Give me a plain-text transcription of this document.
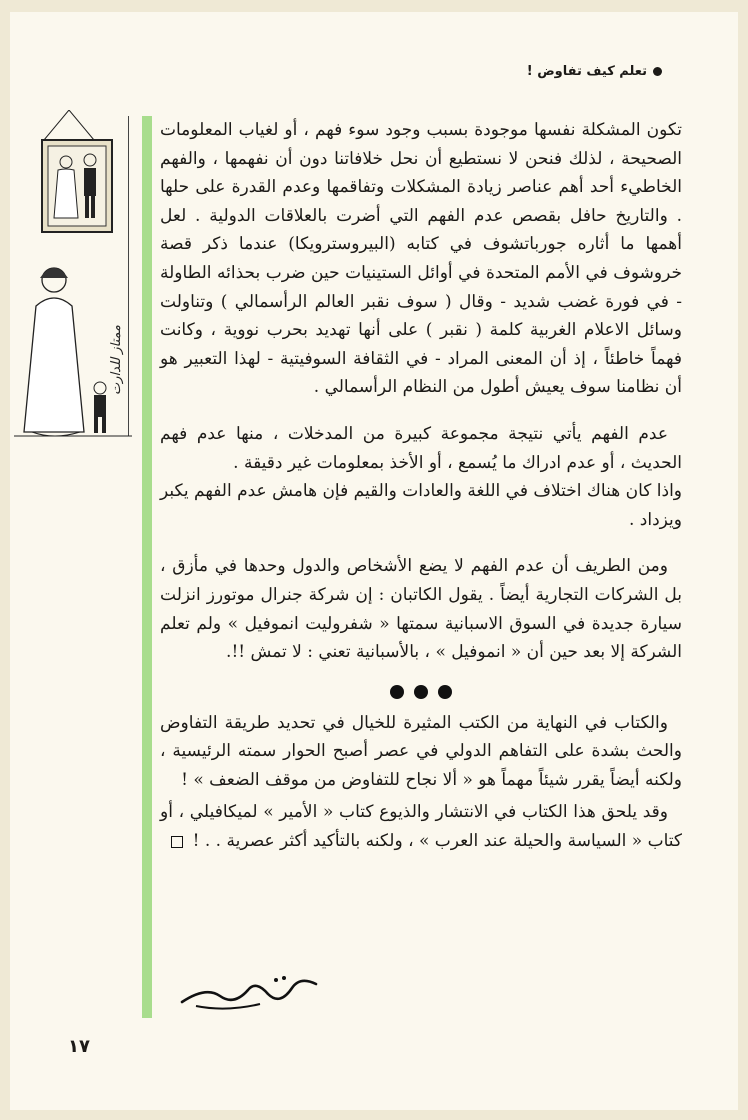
تعلم كيف تفاوض !
ممتاز للدارت

تكون المشكلة نفسها موجودة بسبب وجود سوء فهم ، أو لغياب المعلومات الصحيحة ، لذلك فنحن لا نستطيع أن نحل خلافاتنا دون أن نفهمها ، والفهم الخاطيء أحد أهم عناصر زيادة المشكلات وتفاقمها وعدم القدرة على حلها . والتاريخ حافل بقصص عدم الفهم التي أضرت بالعلاقات الدولية . لعل أهمها ما أثاره جورباتشوف في كتابه (البيروسترويكا) عندما ذكر قصة خروشوف في الأمم المتحدة في أوائل الستينيات حين ضرب بحذائه الطاولة - في فورة غضب شديد - وقال ( سوف نقبر العالم الرأسمالي ) وتناولت وسائل الاعلام الغربية كلمة ( نقبر ) على أنها تهديد بحرب نووية ، وكانت فهماً خاطئاً ، إذ أن المعنى المراد - في الثقافة السوفيتية - لهذا التعبير هو أن نظامنا سوف يعيش أطول من النظام الرأسمالي .

عدم الفهم يأتي نتيجة مجموعة كبيرة من المدخلات ، منها عدم فهم الحديث ، أو عدم ادراك ما يُسمع ، أو الأخذ بمعلومات غير دقيقة .
واذا كان هناك اختلاف في اللغة والعادات والقيم فإن هامش عدم الفهم يكبر ويزداد .

ومن الطريف أن عدم الفهم لا يضع الأشخاص والدول وحدها في مأزق ، بل الشركات التجارية أيضاً . يقول الكاتبان : إن شركة جنرال موتورز انزلت سيارة جديدة في السوق الاسبانية سمتها « شفروليت انموفيل » ولم تعلم الشركة إلا بعد حين أن « انموفيل » ، بالأسبانية تعني : لا تمش !!.

والكتاب في النهاية من الكتب المثيرة للخيال في تحديد طريقة التفاوض والحث بشدة على التفاهم الدولي في عصر أصبح الحوار سمته الرئيسية ، ولكنه أيضاً يقرر شيئاً مهماً هو « ألا نجاح للتفاوض من موقف الضعف » !

وقد يلحق هذا الكتاب في الانتشار والذيوع كتاب « الأمير » لميكافيلي ، أو كتاب « السياسة والحيلة عند العرب » ، ولكنه بالتأكيد أكثر عصرية . . !

١٧
